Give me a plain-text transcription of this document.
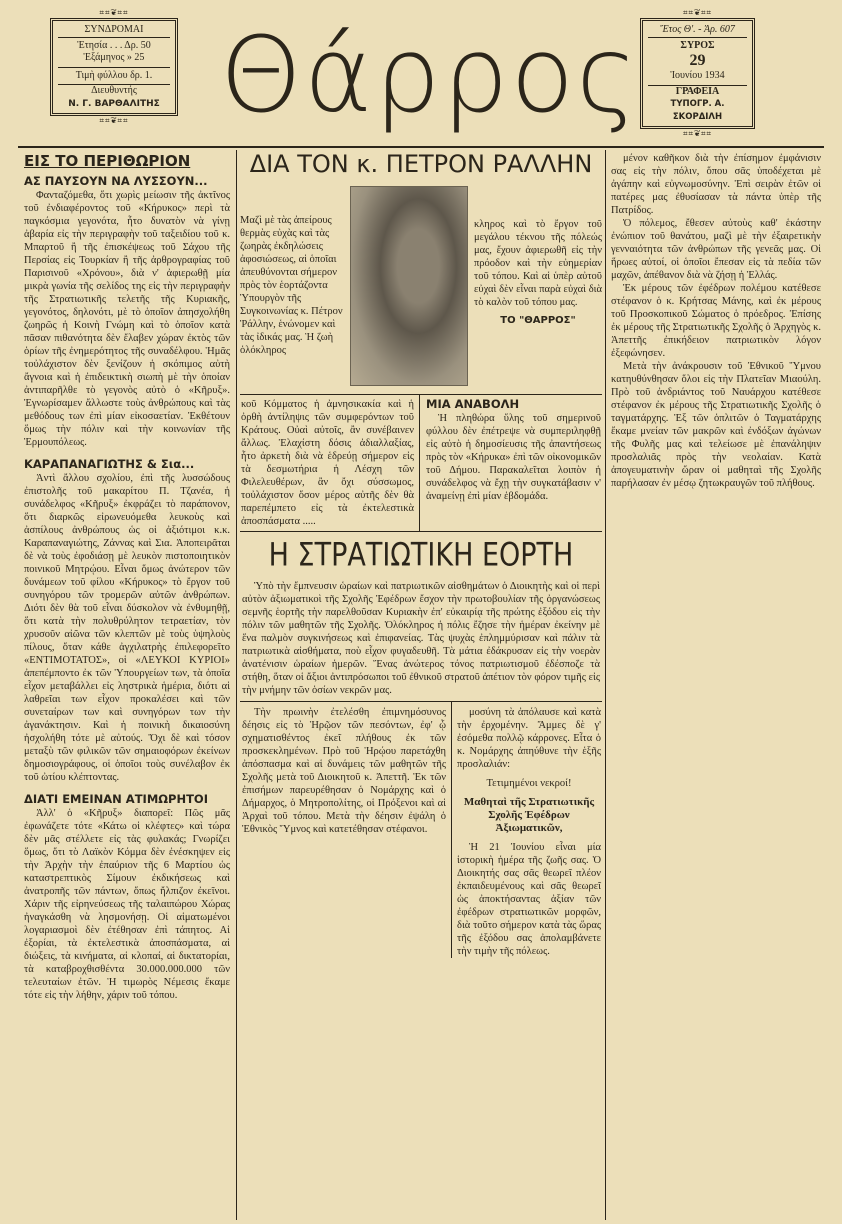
⌗⌗❦⌗⌗
ΣΥΝΔΡΟΜΑΙ
Ἐτησία . . . Δρ. 50
Ἑξάμηνος » 25
Τιμὴ φύλλου δρ. 1.
Διευθυντής
Ν. Γ. ΒΑΡΘΑΛΙΤΗΣ
⌗⌗❦⌗⌗ Θάρρος
⌗⌗❦⌗⌗
Ἔτος Θ'. - Ἀρ. 607
ΣΥΡΟΣ
29
Ἰουνίου 1934
ΓΡΑΦΕΙΑ
ΤΥΠΟΓΡ. Α. ΣΚΟΡΔΙΛΗ
⌗⌗❦⌗⌗
ΕΙΣ ΤΟ ΠΕΡΙΘΩΡΙΟΝ
ΑΣ ΠΑΥΣΟΥΝ ΝΑ ΛΥΣΣΟΥΝ...

Φανταζόμεθα, ὅτι χωρὶς μείωσιν τῆς ἀκτῖνος τοῦ ἐνδιαφέροντος τοῦ «Κήρυκος» περὶ τὰ παγκόσμια γεγονότα, ἦτο δυνατὸν νὰ γίνῃ ἀβαρία εἰς τὴν περιγραφὴν τοῦ ταξειδίου τοῦ κ. Μπαρτοῦ ἢ τῆς ἐπισκέψεως τοῦ Σάχου τῆς Περσίας εἰς Τουρκίαν ἢ τῆς ἀρθρογραφίας τοῦ Παρισινοῦ «Χρόνου», διὰ ν' ἀφιερωθῇ μία μικρὰ γωνία τῆς σελίδος της εἰς τὴν περιγραφὴν τῆς Στρατιωτικῆς τελετῆς τῆς Κυριακῆς, γεγονότος, δηλονότι, μὲ τὸ ὁποῖον ἀπησχολήθη ζωηρῶς ἡ Κοινὴ Γνώμη καὶ τὸ ὁποῖον κατὰ πᾶσαν πιθανότητα δὲν ἔλαβεν χώραν ἐκτὸς τῶν ὁρίων τῆς ἐνημερότητος τῆς συναδέλφου. Ἡμᾶς τοὐλάχιστον δὲν ξενίζουν ἡ σκόπιμος αὐτὴ ἄγνοια καὶ ἡ ἐπιδεικτικὴ σιωπὴ μὲ τὴν ὁποίαν ἀντιπαρῆλθε τὸ γεγονὸς αὐτὸ ὁ «Κῆρυξ». Ἐγνωρίσαμεν ἄλλωστε τοὺς ἀνθρώπους καὶ τὰς μεθόδους των ἐπὶ μίαν εἰκοσαετίαν. Ἐκθέτουν ὅμως τὴν πόλιν καὶ τὴν κοινωνίαν τῆς Ἑρμουπόλεως.

ΚΑΡΑΠΑΝΑΓΙΩΤΗΣ & Σια...

Ἀντὶ ἄλλου σχολίου, ἐπὶ τῆς λυσσώδους ἐπιστολῆς τοῦ μακαρίτου Π. Τζανέα, ἡ συνάδελφος «Κῆρυξ» ἐκφράζει τὸ παράπονον, ὅτι διαρκῶς εἰρωνευόμεθα λευκοὺς καὶ ἀσπίλους ἀνθρώπους ὡς οἱ ἀξιότιμοι κ.κ. Καραπαναγιώτης, Ζάννας καὶ Σια. Ἀποπειρᾶται δὲ νὰ τοὺς ἐφοδιάσῃ μὲ λευκὸν πιστοποιητικὸν ποινικοῦ Μητρῴου. Εἶναι ὅμως ἀνώτερον τῶν δυνάμεων τοῦ φίλου «Κήρυκος» τὸ ἔργον τοῦ συνηγόρου τῶν τρομερῶν αὐτῶν ἀνθρώπων. Διότι δὲν θὰ τοῦ εἶναι δύσκολον νὰ ἐνθυμηθῇ, ὅτι κατὰ τὴν πολυθρύλητον τετραετίαν, τὸν χρυσοῦν αἰῶνα τῶν κλεπτῶν μὲ τοὺς ὑψηλοὺς πίλους, ὅταν κάθε ἀγχιλατρὴς ἐπιλεφορεῖτο «ΕΝΤΙΜΟΤΑΤΟΣ», οἱ «ΛΕΥΚΟΙ ΚΥΡΙΟΙ» ἀπεπέμποντο ἐκ τῶν Ὑπουργείων των, τὰ ὁποῖα εἶχον μεταβάλλει εἰς ληστρικὰ ἡμέρια, διότι αἱ λαθρεῖαι των εἶχον προκαλέσει καὶ τῶν συνεταίρων των καὶ συνηγόρων των τὴν ἀγανάκτησιν. Καὶ ἡ ποινικὴ δικαιοσύνη ἠσχολήθη τότε μὲ αὐτούς. Ὄχι δὲ καὶ τόσον μεταξὺ τῶν φιλικῶν τῶν σημαιοφόρων ἐκείνων δημοσιογράφους, οἱ ὁποῖοι τοὺς συνέλαβον ἐκ τοῦ ὠτίου κλέπτοντας.

ΔΙΑΤΙ ΕΜΕΙΝΑΝ ΑΤΙΜΩΡΗΤΟΙ

Ἀλλ' ὁ «Κῆρυξ» διαπορεῖ: Πῶς μᾶς ἐφωνάζετε τότε «Κάτω οἱ κλέφτες» καὶ τώρα δὲν μᾶς στέλλετε εἰς τὰς φυλακάς; Γνωρίζει ὅμως, ὅτι τὸ Λαϊκὸν Κόμμα δὲν ἐνέσκηψεν εἰς τὴν Ἀρχὴν τὴν ἐπαύριον τῆς 6 Μαρτίου ὡς καταστρεπτικὸς Σίμουν ἐκδικήσεως καὶ ἀνατροπῆς τῶν πάντων, ὅπως ἤλπιζον ἐκεῖνοι. Χάριν τῆς εἰρηνεύσεως τῆς ταλαιπώρου Χώρας ἠναγκάσθη νὰ λησμονήσῃ. Οἱ αἱματωμένοι λογαριασμοὶ δὲν ἐτέθησαν ἐπὶ τάπητος. Αἱ ἐξορίαι, τὰ ἐκτελεστικὰ ἀποσπάσματα, αἱ διώξεις, τὰ κινήματα, αἱ κλοπαί, αἱ δικτατορίαι, τὰ καταβροχθισθέντα 30.000.000.000 τῶν τελευταίων ἐτῶν. Ἡ τιμωρὸς Νέμεσις ἔκαμε τότε εἰς τὴν λήθην, χάριν τοῦ τόπου.

ΔΙΑ ΤΟΝ κ. ΠΕΤΡΟΝ ΡΑΛΛΗΝ
Μαζὶ μὲ τὰς ἀπείρους θερμὰς εὐχὰς καὶ τὰς ζωηρὰς ἐκδηλώσεις ἀφοσιώσεως, αἱ ὁποῖαι ἀπευθύνονται σήμερον πρὸς τὸν ἑορτάζοντα Ὑπουργὸν τῆς Συγκοινωνίας κ. Πέτρον Ῥάλλην, ἑνώνομεν καὶ τὰς ἰδικάς μας. Ἡ ζωὴ ὁλόκληρος
κληρος καὶ τὸ ἔργον τοῦ μεγάλου τέκνου τῆς πόλεώς μας, ἔχουν ἀφιερωθῆ εἰς τὴν πρόοδον καὶ τὴν εὐημερίαν τοῦ τόπου. Καὶ αἱ ὑπὲρ αὐτοῦ εὐχαὶ δὲν εἶναι παρὰ εὐχαὶ διὰ τὸ καλὸν τοῦ τόπου μας.
ΤΟ "ΘΑΡΡΟΣ"
κοῦ Κόμματος ἡ ἀμνησικακία καὶ ἡ ὀρθὴ ἀντίληψις τῶν συμφερόντων τοῦ Κράτους. Οὐαὶ αὐτοῖς, ἂν συνέβαινεν ἄλλως. Ἐλαχίστη δόσις ἀδιαλλαξίας, ἦτο ἀρκετὴ διὰ νὰ ἑδρεύῃ σήμερον εἰς τὰ δεσμωτήρια ἡ Λέσχη τῶν Φιλελευθέρων, ἂν ὄχι σύσσωμος, τοὐλάχιστον ὅσον μέρος αὐτῆς δὲν θὰ παρεπέμπετο εἰς τὰ ἐκτελεστικὰ ἀποσπάσματα .....
ΜΙΑ ΑΝΑΒΟΛΗ

Ἡ πληθώρα ὕλης τοῦ σημερινοῦ φύλλου δὲν ἐπέτρεψε νὰ συμπεριληφθῇ εἰς αὐτὸ ἡ δημοσίευσις τῆς ἀπαντήσεως πρὸς τὸν «Κήρυκα» ἐπὶ τῶν οἰκονομικῶν τοῦ Δήμου. Παρακαλεῖται λοιπὸν ἡ συνάδελφος νὰ ἔχῃ τὴν συγκατάβασιν ν' ἀναμείνῃ ἐπὶ μίαν ἑβδομάδα.

Η ΣΤΡΑΤΙΩΤΙΚΗ ΕΟΡΤΗ

Ὑπὸ τὴν ἔμπνευσιν ὡραίων καὶ πατριωτικῶν αἰσθημάτων ὁ Διοικητὴς καὶ οἱ περὶ αὐτὸν ἀξιωματικοὶ τῆς Σχολῆς Ἐφέδρων ἔσχον τὴν πρωτοβουλίαν τῆς ὀργανώσεως σεμνῆς ἑορτῆς τὴν παρελθοῦσαν Κυριακὴν ἐπ' εὐκαιρίᾳ τῆς πρώτης ἐξόδου εἰς τὴν πόλιν τῶν μαθητῶν τῆς Σχολῆς. Ὁλόκληρος ἡ πόλις ἔζησε τὴν ἡμέραν ἐκείνην μὲ ἕνα παλμὸν συγκινήσεως καὶ ἐπιφανείας. Τὰς ψυχὰς ἐπλημμύρισαν καὶ πάλιν τὰ πατριωτικὰ αἰσθήματα, ποὺ εἶχον φυγαδευθῆ. Τὰ μάτια ἐδάκρυσαν εἰς τὴν νοερὰν ἀνατένισιν ὡραίων ἡμερῶν. Ἕνας ἀνώτερος τόνος πατριωτισμοῦ ἐδέσποζε τὰ στήθη, ὅταν οἱ ἄξιοι ἀντιπρόσωποι τοῦ ἐθνικοῦ στρατοῦ ἀπέτιον τὸν φόρον τιμῆς εἰς τὴν μνήμην τῶν ὁσίων νεκρῶν μας.

Τὴν πρωινὴν ἐτελέσθη ἐπιμνημόσυνος δέησις εἰς τὸ Ἡρῷον τῶν πεσόντων, ἐφ' ᾧ σχηματισθέντος ἐκεῖ πλήθους ἐκ τῶν προσκεκλημένων. Πρὸ τοῦ Ἡρῴου παρετάχθη ἀπόσπασμα καὶ αἱ δυνάμεις τῶν μαθητῶν τῆς Σχολῆς μετὰ τοῦ Διοικητοῦ κ. Ἀπεττῆ. Ἐκ τῶν ἐπισήμων παρευρέθησαν ὁ Νομάρχης καὶ ὁ Δήμαρχος, ὁ Μητροπολίτης, οἱ Πρόξενοι καὶ αἱ Ἀρχαὶ τοῦ τόπου. Μετὰ τὴν δέησιν ἐψάλη ὁ Ἐθνικὸς Ὕμνος καὶ κατετέθησαν στέφανοι.

μοσύνη τὰ ἀπόλαυσε καὶ κατὰ τὴν ἐρχομένην. Ἄμμες δὲ γ' ἐσόμεθα πολλῷ κάρρονες. Εἶτα ὁ κ. Νομάρχης ἀπηύθυνε τὴν ἑξῆς προσλαλιάν:

Τετιμημένοι νεκροί!
Μαθηταὶ τῆς Στρατιωτικῆς Σχολῆς Ἐφέδρων Ἀξιωματικῶν,

Ἡ 21 Ἰουνίου εἶναι μία ἱστορικὴ ἡμέρα τῆς ζωῆς σας. Ὁ Διοικητής σας σᾶς θεωρεῖ πλέον ἐκπαιδευμένους καὶ σᾶς θεωρεῖ ὡς ἀποκτήσαντας ἀξίαν τῶν ἐφέδρων στρατιωτικῶν μορφῶν, διὰ τοῦτο σήμερον κατὰ τὰς ὥρας τῆς ἐξόδου σας ἀπολαμβάνετε τὴν τιμὴν τῆς πόλεως.

μένον καθῆκον διὰ τὴν ἐπίσημον ἐμφάνισιν σας εἰς τὴν πόλιν, ὅπου σᾶς ὑποδέχεται μὲ ἀγάπην καὶ εὐγνωμοσύνην. Ἐπὶ σειρὰν ἐτῶν οἱ πατέρες μας ἐθυσίασαν τὰ πάντα ὑπὲρ τῆς Πατρίδος.

Ὁ πόλεμος, ἔθεσεν αὐτοὺς καθ' ἑκάστην ἐνώπιον τοῦ θανάτου, μαζὶ μὲ τὴν ἐξαιρετικὴν γενναιότητα τῶν ἀνθρώπων τῆς γενεᾶς μας. Οἱ ἥρωες αὐτοί, οἱ ὁποῖοι ἔπεσαν εἰς τὰ πεδία τῶν μαχῶν, ἀπέθανον διὰ νὰ ζήσῃ ἡ Ἑλλάς.

Ἐκ μέρους τῶν ἐφέδρων πολέμου κατέθεσε στέφανον ὁ κ. Κρήτσας Μάνης, καὶ ἐκ μέρους τοῦ Προσκοπικοῦ Σώματος ὁ πρόεδρος. Ἐπίσης ἐκ μέρους τῆς Στρατιωτικῆς Σχολῆς ὁ Ἀρχηγὸς κ. Ἀπεττῆς ἐπικήδειον πατριωτικὸν λόγον ἐξεφώνησεν.

Μετὰ τὴν ἀνάκρουσιν τοῦ Ἐθνικοῦ Ὕμνου κατηυθύνθησαν ὅλοι εἰς τὴν Πλατεῖαν Μιαούλη. Πρὸ τοῦ ἀνδριάντος τοῦ Ναυάρχου κατέθεσε στέφανον ἐκ μέρους τῆς Στρατιωτικῆς Σχολῆς ὁ ταγματάρχης. Ἐξ τῶν ὁπλιτῶν ὁ Ταγματάρχης ἔκαμε μνείαν τῶν μακρῶν καὶ ἐνδόξων ἀγώνων τῆς Φυλῆς μας καὶ τελείωσε μὲ ἐπανάληψιν προσλαλιᾶς πρὸς τὴν νεολαίαν. Κατὰ ἀπογευματινὴν ὥραν οἱ μαθηταὶ τῆς Σχολῆς παρήλασαν ἐν μέσῳ ζητωκραυγῶν τοῦ πλήθους.
